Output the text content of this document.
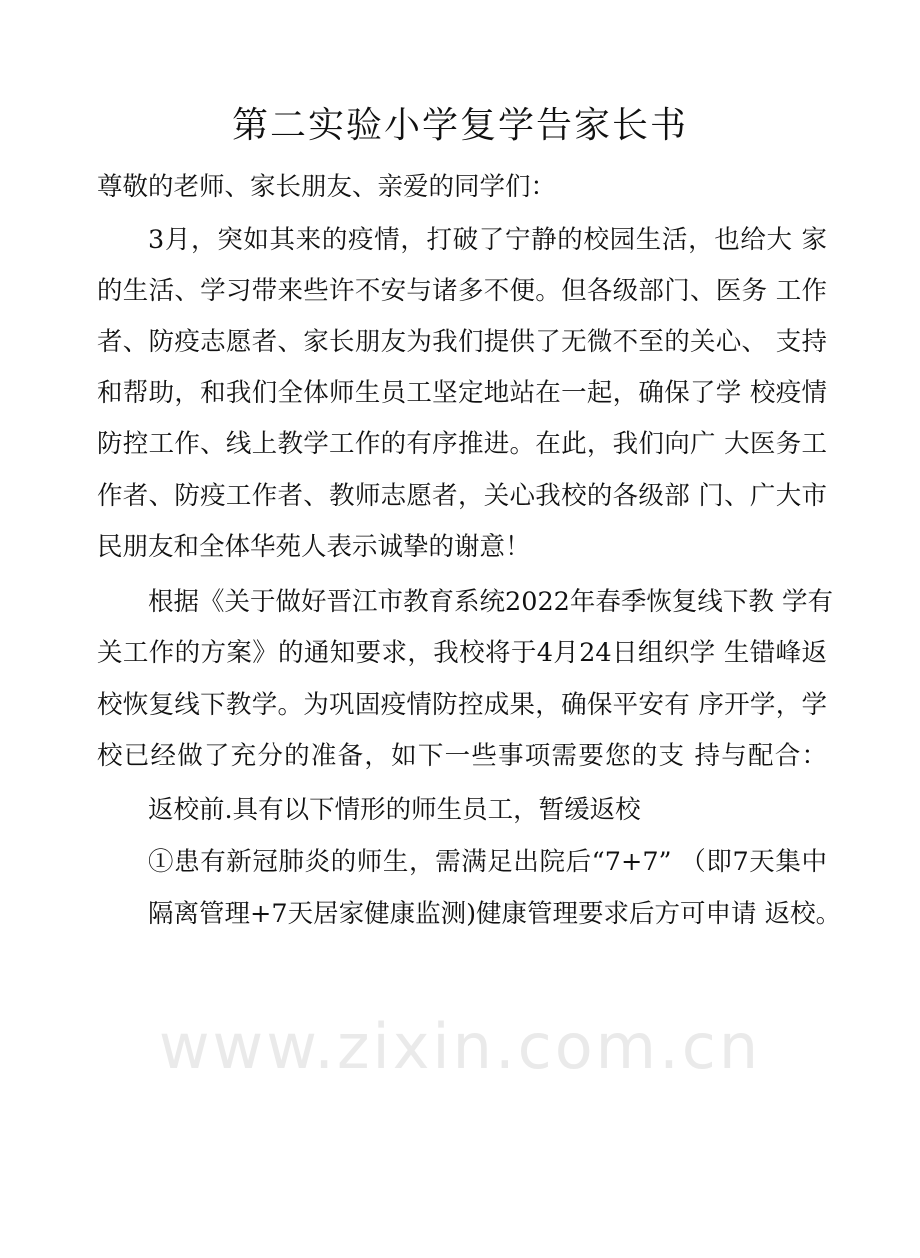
第二实验小学复学告家长书

尊敬的老师、家长朋友、亲爱的同学们：

3月，突如其来的疫情，打破了宁静的校园生活，也给大 家

的生活、学习带来些许不安与诸多不便。但各级部门、医务 工作

者、防疫志愿者、家长朋友为我们提供了无微不至的关心、 支持

和帮助，和我们全体师生员工坚定地站在一起，确保了学 校疫情

防控工作、线上教学工作的有序推进。在此，我们向广 大医务工

作者、防疫工作者、教师志愿者，关心我校的各级部 门、广大市

民朋友和全体华苑人表示诚挚的谢意！

根据《关于做好晋江市教育系统2022年春季恢复线下教 学有

关工作的方案》的通知要求，我校将于4月24日组织学 生错峰返

校恢复线下教学。为巩固疫情防控成果，确保平安有 序开学，学

校已经做了充分的准备，如下一些事项需要您的支 持与配合：

返校前.具有以下情形的师生员工，暂缓返校

①患有新冠肺炎的师生，需满足出院后“7+7” （即7天集中

隔离管理+7天居家健康监测)健康管理要求后方可申请 返校。

www.zixin.com.cn
